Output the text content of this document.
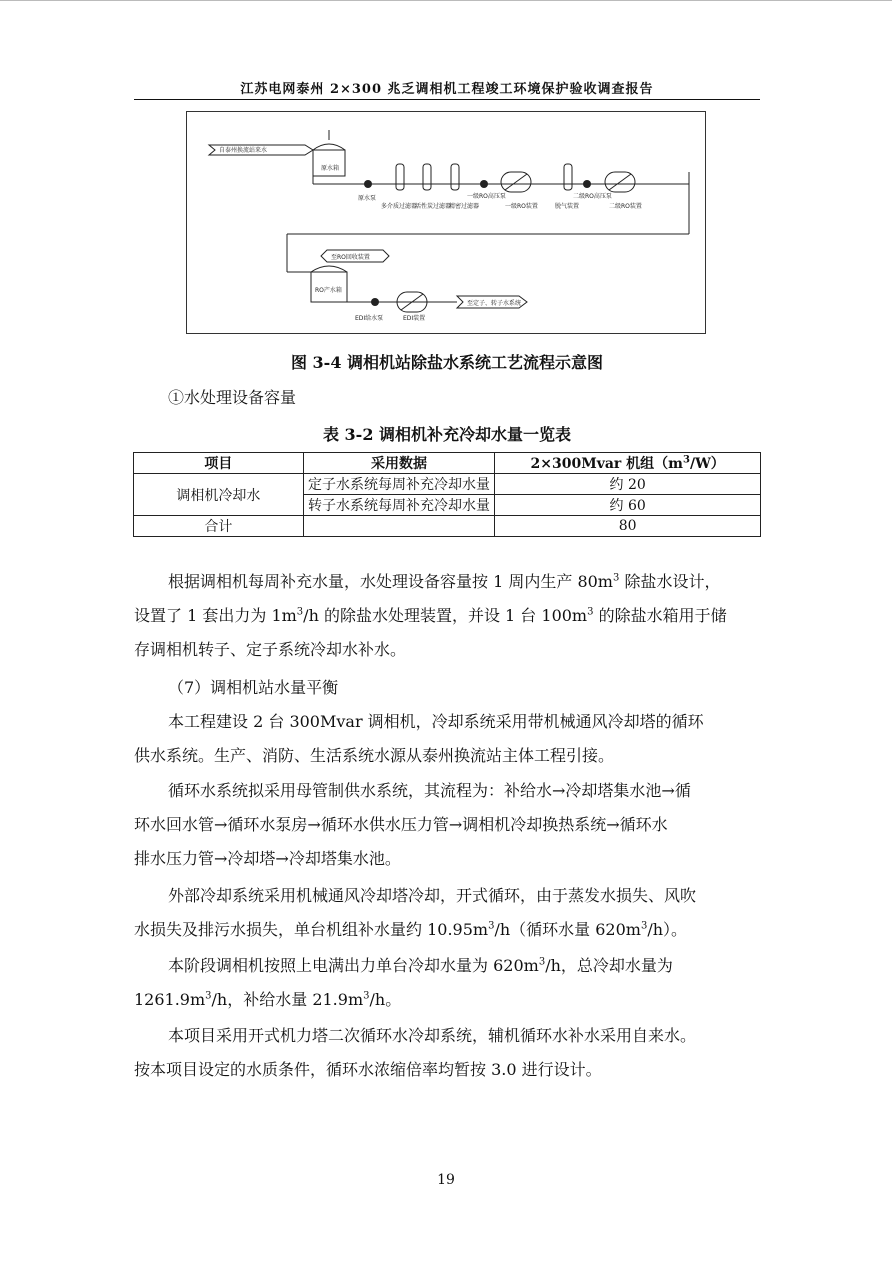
江苏电网泰州 2×300 兆乏调相机工程竣工环境保护验收调查报告
自泰州换流站来水
原水箱
原水泵
多介质过滤器
活性炭过滤器
精密过滤器
一级RO高压泵
一级RO装置	脱气装置
二级RO高压泵
二级RO装置
至RO回收装置
RO产水箱
EDI给水泵	EDI装置
至定子、转子水系统
图 3-4 调相机站除盐水系统工艺流程示意图
①水处理设备容量
表 3-2 调相机补充冷却水量一览表
项目	采用数据	2×300Mvar 机组$(m^3/W)$
调相机冷却水	定子水系统每周补充冷却水量	约 20
	转子水系统每周补充冷却水量	约 60
合计		80
根据调相机每周补充水量，水处理设备容量按 1 周内生产 $80m^3$ 除盐水设计，
设置了 1 套出力为 $1m^3/h$ 的除盐水处理装置，并设 1 台 $100m^3$ 的除盐水箱用于储
存调相机转子、定子系统冷却水补水。
（7）调相机站水量平衡
本工程建设 2 台 300Mvar 调相机，冷却系统采用带机械通风冷却塔的循环
供水系统。生产、消防、生活系统水源从泰州换流站主体工程引接。
循环水系统拟采用母管制供水系统，其流程为：补给水→冷却塔集水池→循
环水回水管→循环水泵房→循环水供水压力管→调相机冷却换热系统→循环水
排水压力管→冷却塔→冷却塔集水池。
外部冷却系统采用机械通风冷却塔冷却，开式循环，由于蒸发水损失、风吹
水损失及排污水损失，单台机组补水量约 $10.95m^3/h$（循环水量 $620m^3/h$）。
本阶段调相机按照上电满出力单台冷却水量为 $620m^3/h$，总冷却水量为
$1261.9m^3/h$，补给水量 $21.9m^3/h$。
本项目采用开式机力塔二次循环水冷却系统，辅机循环水补水采用自来水。
按本项目设定的水质条件，循环水浓缩倍率均暂按 3.0 进行设计。
19
